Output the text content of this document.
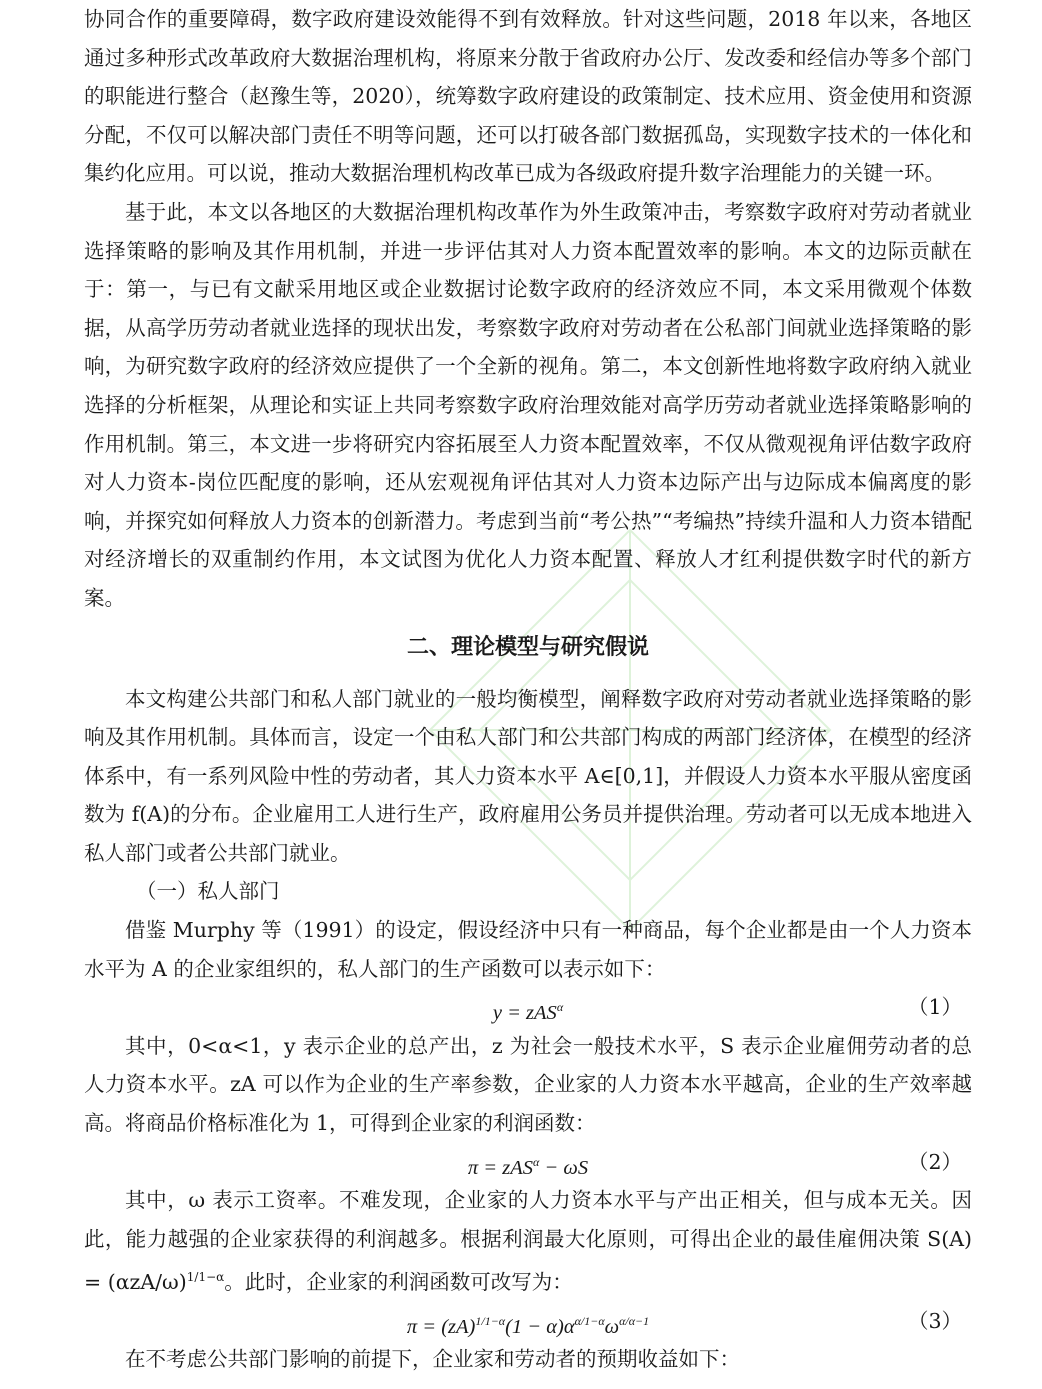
协同合作的重要障碍，数字政府建设效能得不到有效释放。针对这些问题，2018 年以来，各地区通过多种形式改革政府大数据治理机构，将原来分散于省政府办公厅、发改委和经信办等多个部门的职能进行整合（赵豫生等，2020），统筹数字政府建设的政策制定、技术应用、资金使用和资源分配，不仅可以解决部门责任不明等问题，还可以打破各部门数据孤岛，实现数字技术的一体化和集约化应用。可以说，推动大数据治理机构改革已成为各级政府提升数字治理能力的关键一环。

基于此，本文以各地区的大数据治理机构改革作为外生政策冲击，考察数字政府对劳动者就业选择策略的影响及其作用机制，并进一步评估其对人力资本配置效率的影响。本文的边际贡献在于：第一，与已有文献采用地区或企业数据讨论数字政府的经济效应不同，本文采用微观个体数据，从高学历劳动者就业选择的现状出发，考察数字政府对劳动者在公私部门间就业选择策略的影响，为研究数字政府的经济效应提供了一个全新的视角。第二，本文创新性地将数字政府纳入就业选择的分析框架，从理论和实证上共同考察数字政府治理效能对高学历劳动者就业选择策略影响的作用机制。第三，本文进一步将研究内容拓展至人力资本配置效率，不仅从微观视角评估数字政府对人力资本-岗位匹配度的影响，还从宏观视角评估其对人力资本边际产出与边际成本偏离度的影响，并探究如何释放人力资本的创新潜力。考虑到当前“考公热”“考编热”持续升温和人力资本错配对经济增长的双重制约作用，本文试图为优化人力资本配置、释放人才红利提供数字时代的新方案。

二、理论模型与研究假说

本文构建公共部门和私人部门就业的一般均衡模型，阐释数字政府对劳动者就业选择策略的影响及其作用机制。具体而言，设定一个由私人部门和公共部门构成的两部门经济体，在模型的经济体系中，有一系列风险中性的劳动者，其人力资本水平 A∈[0,1]，并假设人力资本水平服从密度函数为 f(A)的分布。企业雇用工人进行生产，政府雇用公务员并提供治理。劳动者可以无成本地进入私人部门或者公共部门就业。

（一）私人部门

借鉴 Murphy 等（1991）的设定，假设经济中只有一种商品，每个企业都是由一个人力资本水平为 A 的企业家组织的，私人部门的生产函数可以表示如下：

y = zAS$^\alpha$	（1）

其中，0<α<1，y 表示企业的总产出，z 为社会一般技术水平，S 表示企业雇佣劳动者的总人力资本水平。zA 可以作为企业的生产率参数，企业家的人力资本水平越高，企业的生产效率越高。将商品价格标准化为 1，可得到企业家的利润函数：

π = zAS$^\alpha$ − ωS	（2）

其中，ω 表示工资率。不难发现，企业家的人力资本水平与产出正相关，但与成本无关。因此，能力越强的企业家获得的利润越多。根据利润最大化原则，可得出企业的最佳雇佣决策 $S(A) = (\alpha zA/\omega)^{1/1-\alpha}$。此时，企业家的利润函数可改写为：

$\pi = (zA)^{1/1-\alpha}(1 - \alpha)\alpha^{\alpha/1-\alpha}\omega^{\alpha/\alpha-1}$	（3）

在不考虑公共部门影响的前提下，企业家和劳动者的预期收益如下：
